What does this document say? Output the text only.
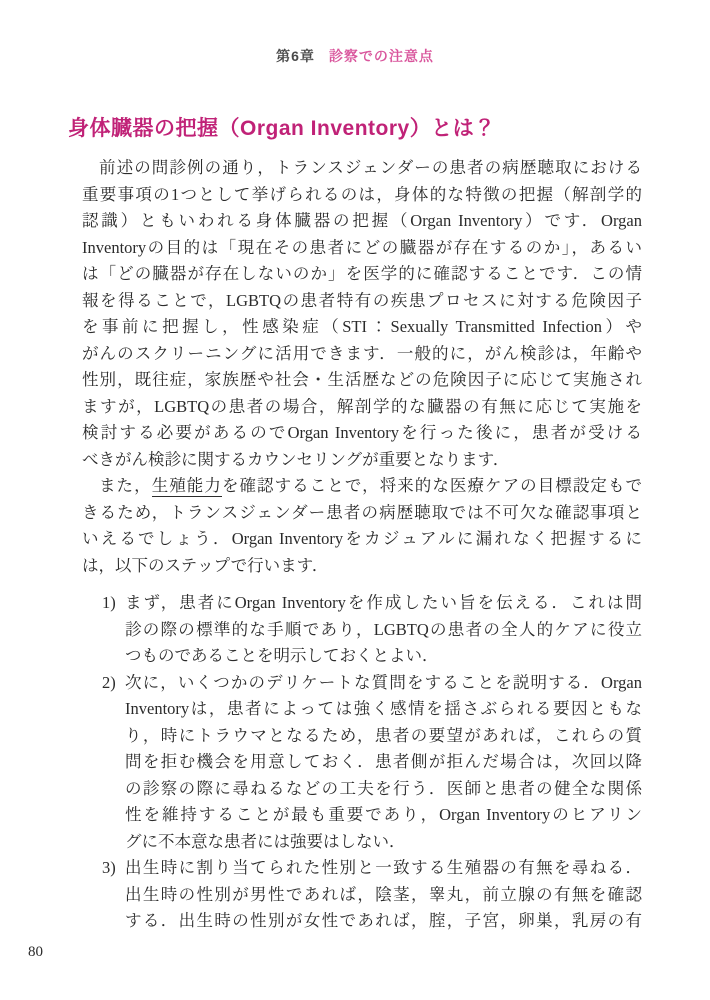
第6章 診察での注意点
身体臓器の把握（Organ Inventory）とは？
前述の問診例の通り，トランスジェンダーの患者の病歴聴取における
重要事項の1つとして挙げられるのは，身体的な特徴の把握（解剖学的
認識）ともいわれる身体臓器の把握（Organ Inventory）です．Organ
Inventoryの目的は「現在その患者にどの臓器が存在するのか」，あるい
は「どの臓器が存在しないのか」を医学的に確認することです．この情
報を得ることで，LGBTQの患者特有の疾患プロセスに対する危険因子
を事前に把握し，性感染症（STI：Sexually Transmitted Infection）や
がんのスクリーニングに活用できます．一般的に，がん検診は，年齢や
性別，既往症，家族歴や社会・生活歴などの危険因子に応じて実施され
ますが，LGBTQの患者の場合，解剖学的な臓器の有無に応じて実施を
検討する必要があるのでOrgan Inventoryを行った後に，患者が受ける
べきがん検診に関するカウンセリングが重要となります．
また，生殖能力を確認することで，将来的な医療ケアの目標設定もで
きるため，トランスジェンダー患者の病歴聴取では不可欠な確認事項と
いえるでしょう．Organ Inventoryをカジュアルに漏れなく把握するに
は，以下のステップで行います．
1) まず，患者にOrgan Inventoryを作成したい旨を伝える．これは問
診の際の標準的な手順であり，LGBTQの患者の全人的ケアに役立
つものであることを明示しておくとよい．
2) 次に，いくつかのデリケートな質問をすることを説明する．Organ
Inventoryは，患者によっては強く感情を揺さぶられる要因ともな
り，時にトラウマとなるため，患者の要望があれば，これらの質
問を拒む機会を用意しておく．患者側が拒んだ場合は，次回以降
の診察の際に尋ねるなどの工夫を行う．医師と患者の健全な関係
性を維持することが最も重要であり，Organ Inventoryのヒアリン
グに不本意な患者には強要はしない．
3) 出生時に割り当てられた性別と一致する生殖器の有無を尋ねる．
出生時の性別が男性であれば，陰茎，睾丸，前立腺の有無を確認
する．出生時の性別が女性であれば，腟，子宮，卵巣，乳房の有
80
